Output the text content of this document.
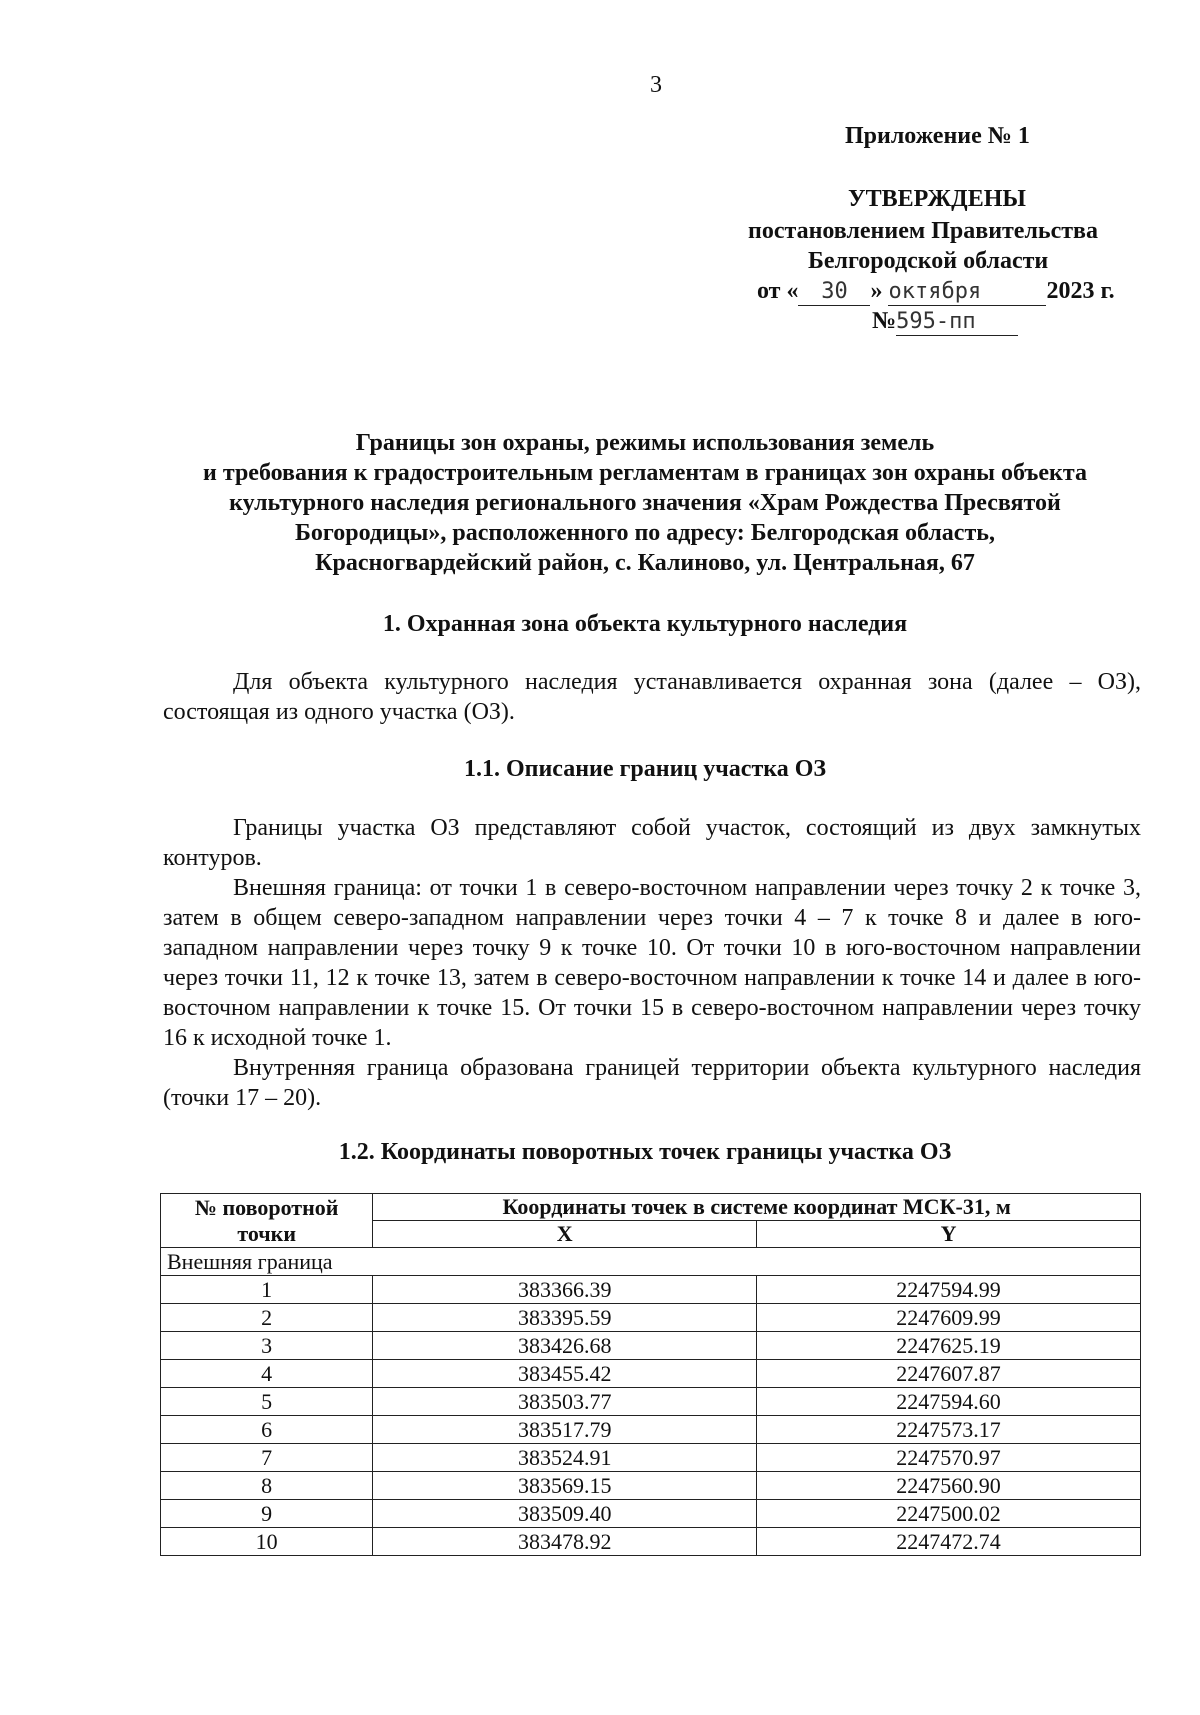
3
Приложение № 1
УТВЕРЖДЕНЫ
постановлением Правительства
Белгородской области
от « 30 » октября	2023 г.
№595-пп
Границы зон охраны, режимы использования земель
и требования к градостроительным регламентам в границах зон охраны объекта
культурного наследия регионального значения «Храм Рождества Пресвятой
Богородицы», расположенного по адресу: Белгородская область,
Красногвардейский район, с. Калиново, ул. Центральная, 67
1. Охранная зона объекта культурного наследия

Для объекта культурного наследия устанавливается охранная зона (далее – ОЗ), состоящая из одного участка (ОЗ).

1.1. Описание границ участка ОЗ

Границы участка ОЗ представляют собой участок, состоящий из двух замкнутых контуров.

Внешняя граница: от точки 1 в северо-восточном направлении через точку 2 к точке 3, затем в общем северо-западном направлении через точки 4 – 7 к точке 8 и далее в юго-западном направлении через точку 9 к точке 10. От точки 10 в юго-восточном направлении через точки 11, 12 к точке 13, затем в северо-восточном направлении к точке 14 и далее в юго-восточном направлении к точке 15. От точки 15 в северо-восточном направлении через точку 16 к исходной точке 1.

Внутренняя граница образована границей территории объекта культурного наследия (точки 17 – 20).

1.2. Координаты поворотных точек границы участка ОЗ
№ поворотной точки	Координаты точек в системе координат МСК-31, м	
	X	Y
Внешняя граница		
1	383366.39	2247594.99
2	383395.59	2247609.99
3	383426.68	2247625.19
4	383455.42	2247607.87
5	383503.77	2247594.60
6	383517.79	2247573.17
7	383524.91	2247570.97
8	383569.15	2247560.90
9	383509.40	2247500.02
10	383478.92	2247472.74
